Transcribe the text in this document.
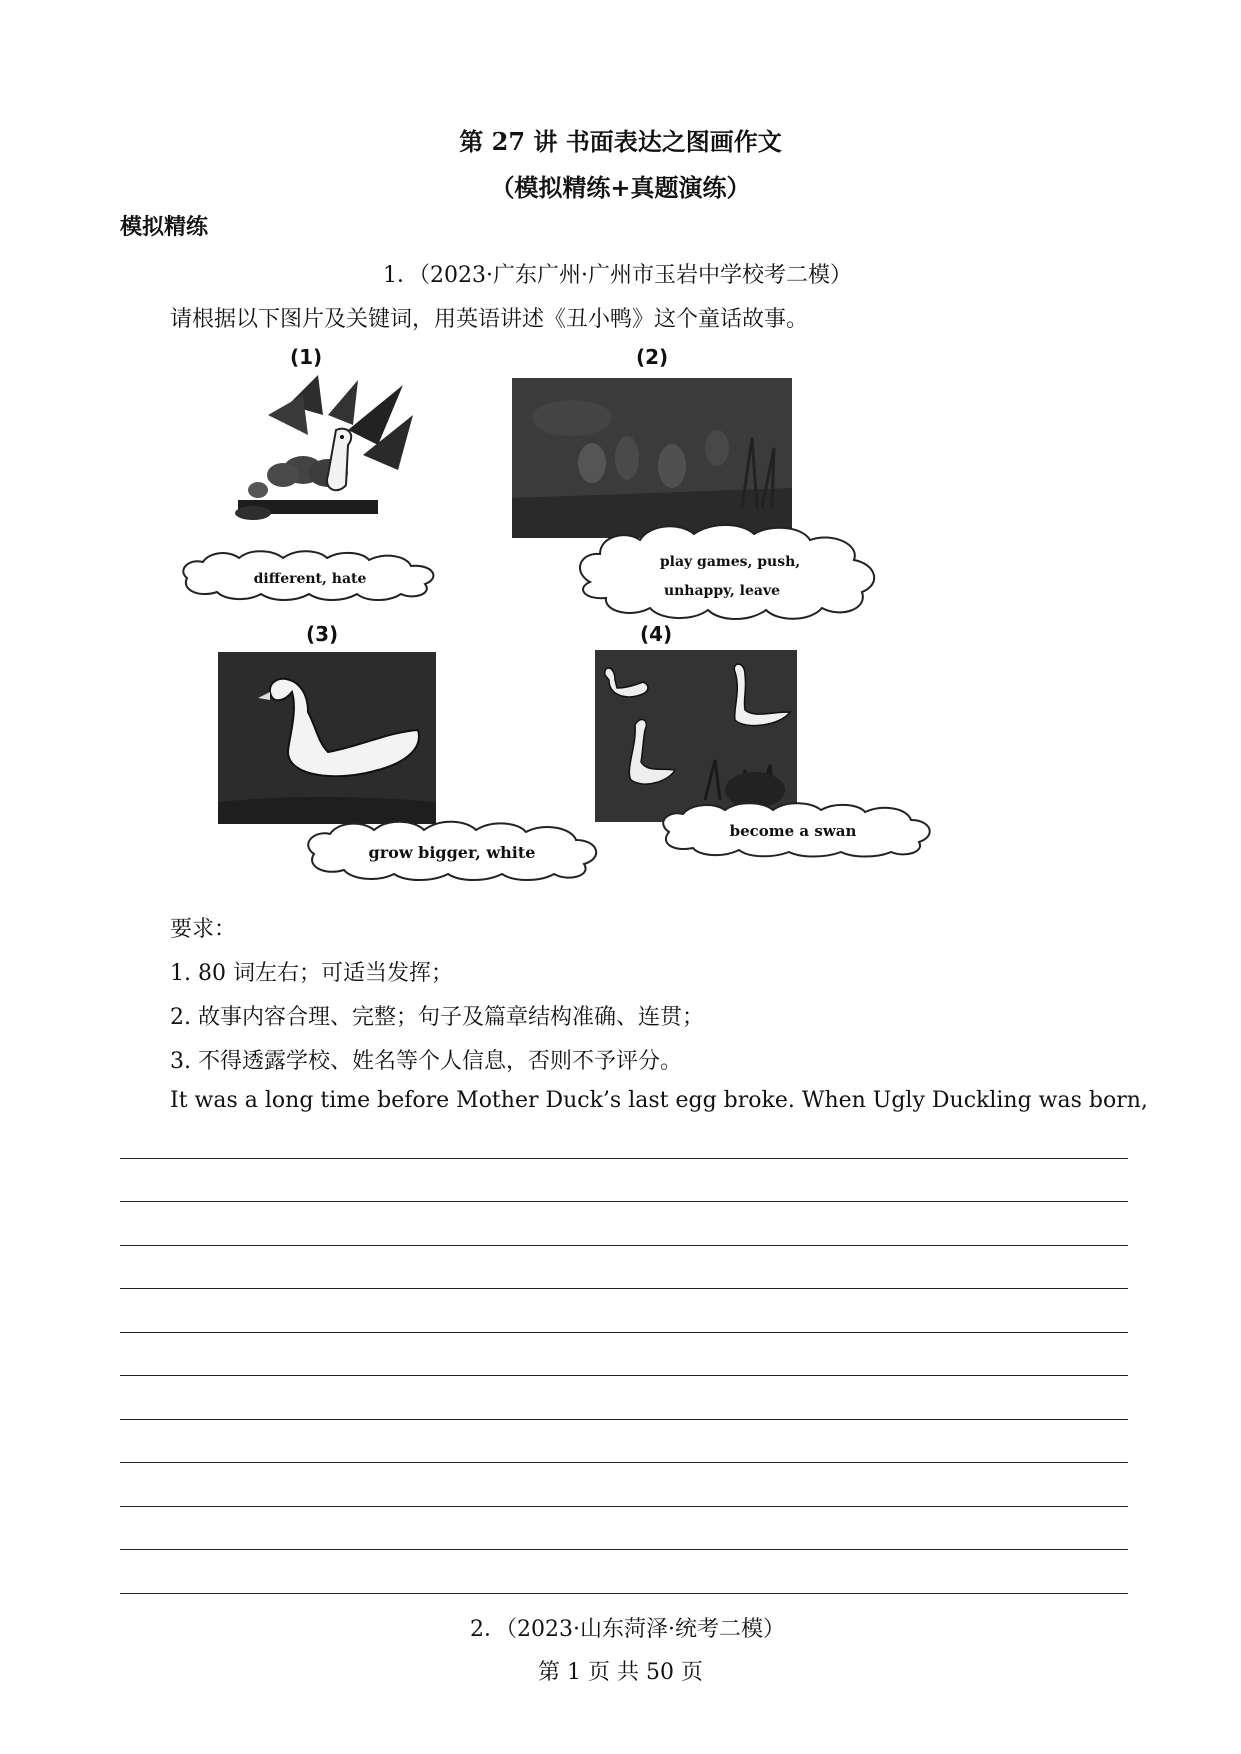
第 27 讲 书面表达之图画作文
（模拟精练+真题演练）
模拟精练
1．（2023·广东广州·广州市玉岩中学校考二模）
请根据以下图片及关键词，用英语讲述《丑小鸭》这个童话故事。
(1)	(2)
(3)	(4)
different, hate
play games, push,
unhappy, leave
grow bigger, white
become a swan
要求：
1. 80 词左右；可适当发挥；
2. 故事内容合理、完整；句子及篇章结构准确、连贯；
3. 不得透露学校、姓名等个人信息，否则不予评分。
It was a long time before Mother Duck’s last egg broke. When Ugly Duckling was born,
2．（2023·山东菏泽·统考二模）
第 1 页 共 50 页
